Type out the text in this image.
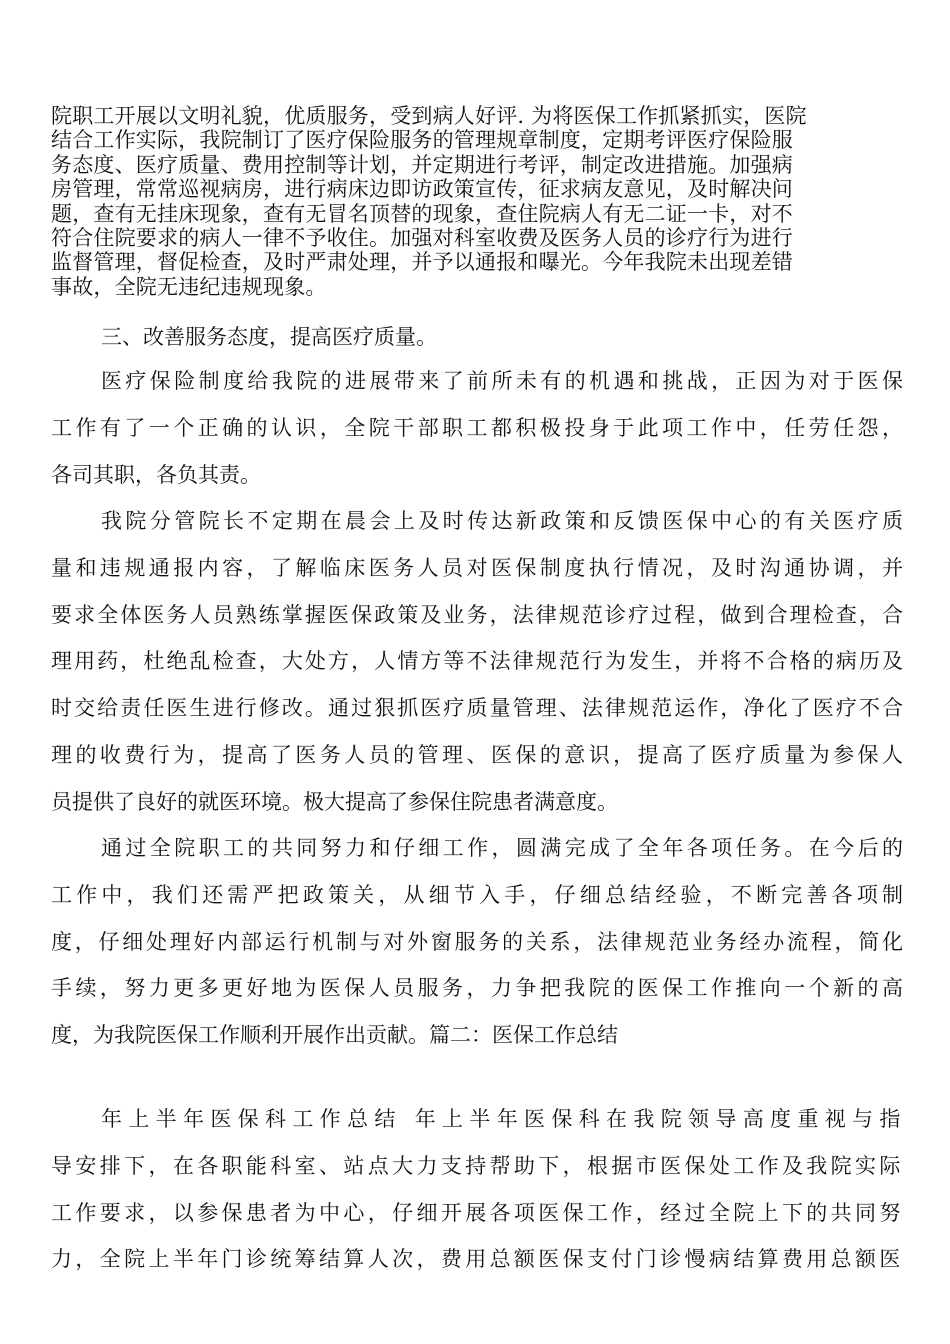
院职工开展以文明礼貌，优质服务，受到病人好评. 为将医保工作抓紧抓实，医院
结合工作实际，我院制订了医疗保险服务的管理规章制度，定期考评医疗保险服
务态度、医疗质量、费用控制等计划，并定期进行考评，制定改进措施。加强病
房管理，常常巡视病房，进行病床边即访政策宣传，征求病友意见，及时解决问
题，查有无挂床现象，查有无冒名顶替的现象，查住院病人有无二证一卡，对不
符合住院要求的病人一律不予收住。加强对科室收费及医务人员的诊疗行为进行
监督管理，督促检查，及时严肃处理，并予以通报和曝光。今年我院未出现差错
事故，全院无违纪违规现象。
三、改善服务态度，提高医疗质量。
医疗保险制度给我院的进展带来了前所未有的机遇和挑战，正因为对于医保
工作有了一个正确的认识，全院干部职工都积极投身于此项工作中，任劳任怨，
各司其职，各负其责。
我院分管院长不定期在晨会上及时传达新政策和反馈医保中心的有关医疗质
量和违规通报内容，了解临床医务人员对医保制度执行情况，及时沟通协调，并
要求全体医务人员熟练掌握医保政策及业务，法律规范诊疗过程，做到合理检查，合
理用药，杜绝乱检查，大处方，人情方等不法律规范行为发生，并将不合格的病历及
时交给责任医生进行修改。通过狠抓医疗质量管理、法律规范运作，净化了医疗不合
理的收费行为，提高了医务人员的管理、医保的意识，提高了医疗质量为参保人
员提供了良好的就医环境。极大提高了参保住院患者满意度。
通过全院职工的共同努力和仔细工作，圆满完成了全年各项任务。在今后的
工作中，我们还需严把政策关，从细节入手，仔细总结经验，不断完善各项制
度，仔细处理好内部运行机制与对外窗服务的关系，法律规范业务经办流程，简化
手续，努力更多更好地为医保人员服务，力争把我院的医保工作推向一个新的高
度，为我院医保工作顺利开展作出贡献。篇二：医保工作总结
年上半年医保科工作总结 年上半年医保科在我院领导高度重视与指
导安排下，在各职能科室、站点大力支持帮助下，根据市医保处工作及我院实际
工作要求，以参保患者为中心，仔细开展各项医保工作，经过全院上下的共同努
力，全院上半年门诊统筹结算人次，费用总额医保支付门诊慢病结算费用总额医
